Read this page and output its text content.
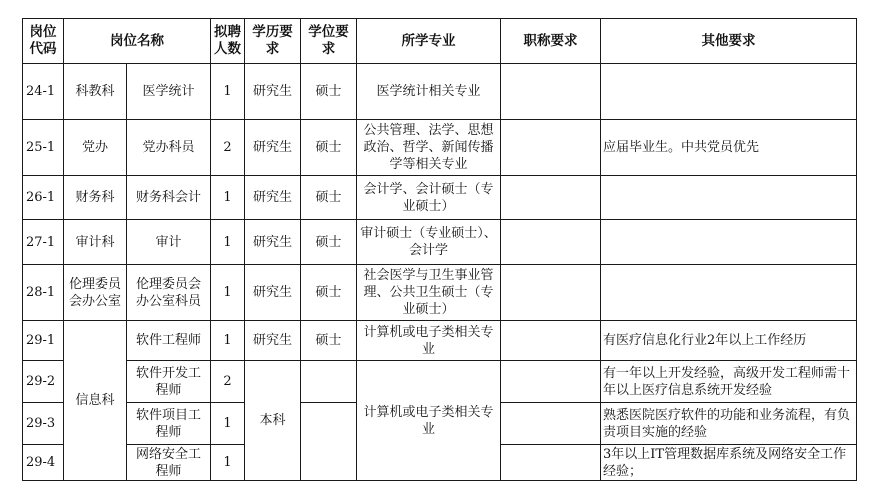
岗位代码	岗位名称		拟聘人数	学历要求	学位要求	所学专业	职称要求	其他要求
24-1	科教科	医学统计	1	研究生	硕士	医学统计相关专业		
25-1	党办	党办科员	2	研究生	硕士	公共管理、法学、思想政治、哲学、新闻传播学等相关专业		应届毕业生。中共党员优先
26-1	财务科	财务科会计	1	研究生	硕士	会计学、会计硕士（专业硕士）		
27-1	审计科	审计	1	研究生	硕士	审计硕士（专业硕士）、会计学		
28-1	伦理委员会办公室	伦理委员会办公室科员	1	研究生	硕士	社会医学与卫生事业管理、公共卫生硕士（专业硕士）		
29-1	信息科	软件工程师	1	研究生	硕士	计算机或电子类相关专业		有医疗信息化行业2年以上工作经历
29-2		软件开发工程师	2	本科		计算机或电子类相关专业		有一年以上开发经验，高级开发工程师需十年以上医疗信息系统开发经验
29-3		软件项目工程师	1					熟悉医院医疗软件的功能和业务流程，有负责项目实施的经验
29-4		网络安全工程师	1					3年以上IT管理数据库系统及网络安全工作经验；
